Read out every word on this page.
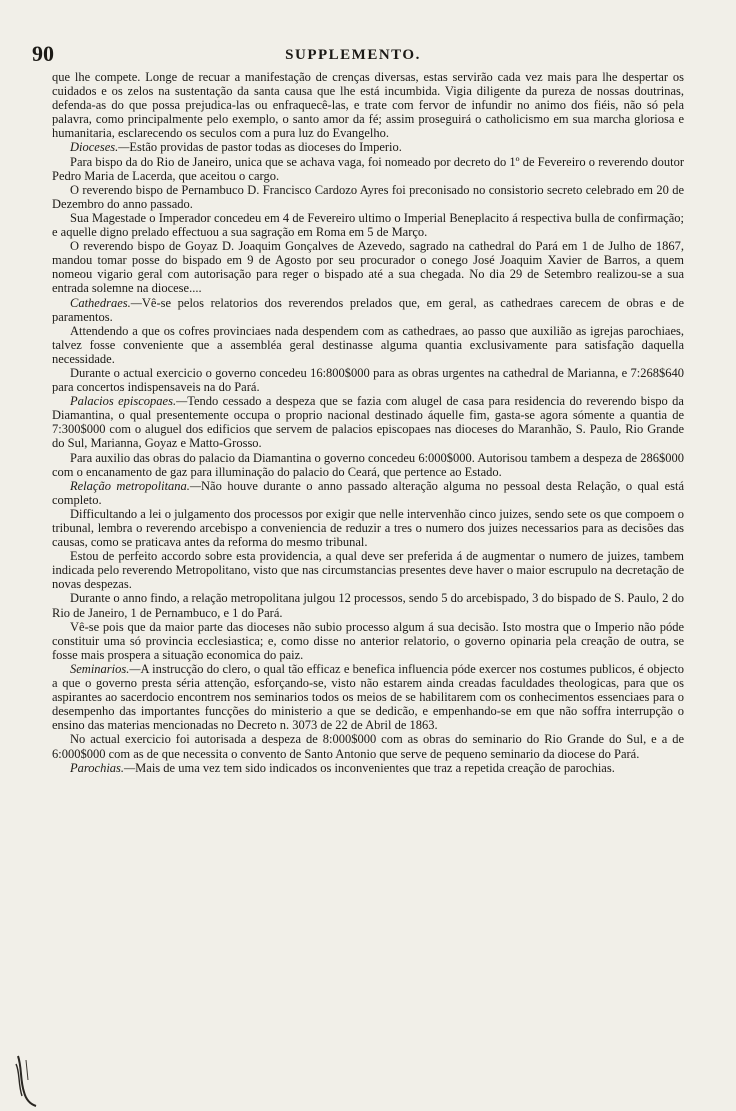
90	SUPPLEMENTO.

que lhe compete. Longe de recuar a manifestação de crenças diversas, estas servirão cada vez mais para lhe despertar os cuidados e os zelos na sustentação da santa causa que lhe está incumbida. Vigia diligente da pureza de nossas doutrinas, defenda-as do que possa prejudica-las ou enfraquecê-las, e trate com fervor de infundir no animo dos fiéis, não só pela palavra, como principalmente pelo exemplo, o santo amor da fé; assim proseguirá o catholicismo em sua marcha gloriosa e humanitaria, esclarecendo os seculos com a pura luz do Evangelho.

Dioceses.—Estão providas de pastor todas as dioceses do Imperio.

Para bispo da do Rio de Janeiro, unica que se achava vaga, foi nomeado por decreto do 1º de Fevereiro o reverendo doutor Pedro Maria de Lacerda, que aceitou o cargo.

O reverendo bispo de Pernambuco D. Francisco Cardozo Ayres foi preconisado no consistorio secreto celebrado em 20 de Dezembro do anno passado.

Sua Magestade o Imperador concedeu em 4 de Fevereiro ultimo o Imperial Beneplacito á respectiva bulla de confirmação; e aquelle digno prelado effectuou a sua sagração em Roma em 5 de Março.

O reverendo bispo de Goyaz D. Joaquim Gonçalves de Azevedo, sagrado na cathedral do Pará em 1 de Julho de 1867, mandou tomar posse do bispado em 9 de Agosto por seu procurador o conego José Joaquim Xavier de Barros, a quem nomeou vigario geral com autorisação para reger o bispado até a sua chegada. No dia 29 de Setembro realizou-se a sua entrada solemne na diocese....

Cathedraes.—Vê-se pelos relatorios dos reverendos prelados que, em geral, as cathedraes carecem de obras e de paramentos.

Attendendo a que os cofres provinciaes nada despendem com as cathedraes, ao passo que auxilião as igrejas parochiaes, talvez fosse conveniente que a assembléa geral destinasse alguma quantia exclusivamente para satisfação daquella necessidade.

Durante o actual exercicio o governo concedeu 16:800$000 para as obras urgentes na cathedral de Marianna, e 7:268$640 para concertos indispensaveis na do Pará.

Palacios episcopaes.—Tendo cessado a despeza que se fazia com alugel de casa para residencia do reverendo bispo da Diamantina, o qual presentemente occupa o proprio nacional destinado áquelle fim, gasta-se agora sómente a quantia de 7:300$000 com o aluguel dos edificios que servem de palacios episcopaes nas dioceses do Maranhão, S. Paulo, Rio Grande do Sul, Marianna, Goyaz e Matto-Grosso.

Para auxilio das obras do palacio da Diamantina o governo concedeu 6:000$000. Autorisou tambem a despeza de 286$000 com o encanamento de gaz para illuminação do palacio do Ceará, que pertence ao Estado.

Relação metropolitana.—Não houve durante o anno passado alteração alguma no pessoal desta Relação, o qual está completo.

Difficultando a lei o julgamento dos processos por exigir que nelle intervenhão cinco juizes, sendo sete os que compoem o tribunal, lembra o reverendo arcebispo a conveniencia de reduzir a tres o numero dos juizes necessarios para as decisões das causas, como se praticava antes da reforma do mesmo tribunal.

Estou de perfeito accordo sobre esta providencia, a qual deve ser preferida á de augmentar o numero de juizes, tambem indicada pelo reverendo Metropolitano, visto que nas circumstancias presentes deve haver o maior escrupulo na decretação de novas despezas.

Durante o anno findo, a relação metropolitana julgou 12 processos, sendo 5 do arcebispado, 3 do bispado de S. Paulo, 2 do Rio de Janeiro, 1 de Pernambuco, e 1 do Pará.

Vê-se pois que da maior parte das dioceses não subio processo algum á sua decisão. Isto mostra que o Imperio não póde constituir uma só provincia ecclesiastica; e, como disse no anterior relatorio, o governo opinaria pela creação de outra, se fosse mais prospera a situação economica do paiz.

Seminarios.—A instrucção do clero, o qual tão efficaz e benefica influencia póde exercer nos costumes publicos, é objecto a que o governo presta séria attenção, esforçando-se, visto não estarem ainda creadas faculdades theologicas, para que os aspirantes ao sacerdocio encontrem nos seminarios todos os meios de se habilitarem com os conhecimentos essenciaes para o desempenho das importantes funcções do ministerio a que se dedicão, e empenhando-se em que não soffra interrupção o ensino das materias mencionadas no Decreto n. 3073 de 22 de Abril de 1863.

No actual exercicio foi autorisada a despeza de 8:000$000 com as obras do seminario do Rio Grande do Sul, e a de 6:000$000 com as de que necessita o convento de Santo Antonio que serve de pequeno seminario da diocese do Pará.

Parochias.—Mais de uma vez tem sido indicados os inconvenientes que traz a repetida creação de parochias.
